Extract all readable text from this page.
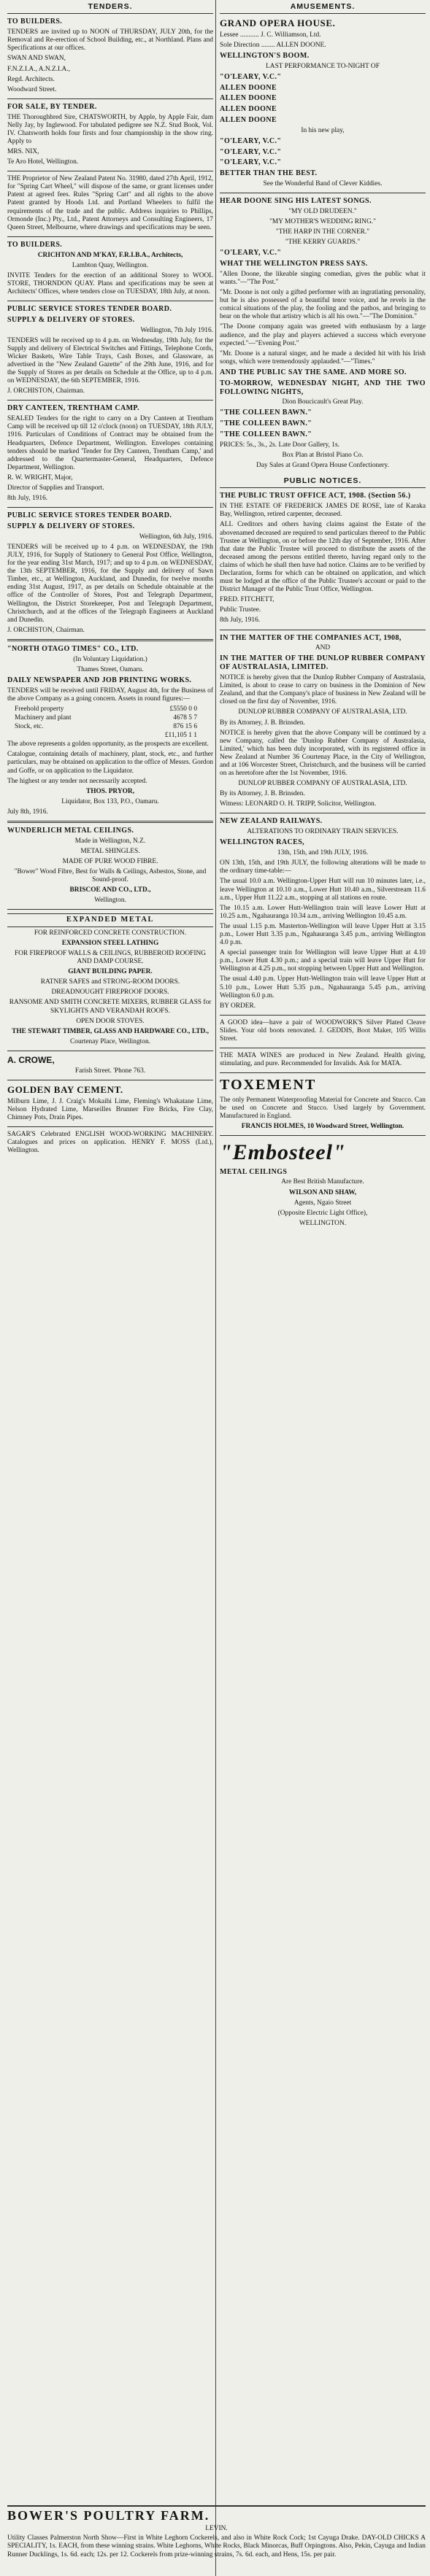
TENDERS.

TO BUILDERS.

TENDERS are invited up to NOON of THURSDAY, JULY 20th, for the Removal and Re-erection of School Building, etc., at Northland. Plans and Specifications at our offices.

SWAN AND SWAN,

F.N.Z.I.A., A.N.Z.I.A.,

Regd. Architects.

Woodward Street.

FOR SALE, BY TENDER.

THE Thoroughbred Sire, CHATSWORTH, by Apple, by Apple Fair, dam Nelly Jay, by Inglewood. For tabulated pedigree see N.Z. Stud Book, Vol. IV. Chatsworth holds four firsts and four championship in the show ring. Apply to

MRS. NIX,

Te Aro Hotel, Wellington.

THE Proprietor of New Zealand Patent No. 31980, dated 27th April, 1912, for "Spring Cart Wheel," will dispose of the same, or grant licenses under Patent at agreed fees. Rules "Spring Cart" and all rights to the above Patent granted by Hoods Ltd. and Portland Wheelers to fulfil the requirements of the trade and the public. Address inquiries to Phillips, Ormonde (Inc.) Pty., Ltd., Patent Attorneys and Consulting Engineers, 17 Queen Street, Melbourne, where drawings and specifications may be seen.

TO BUILDERS.

CRICHTON AND M'KAY, F.R.I.B.A., Architects,

Lambton Quay, Wellington.

INVITE Tenders for the erection of an additional Storey to WOOL STORE, THORNDON QUAY. Plans and specifications may be seen at Architects' Offices, where tenders close on TUESDAY, 18th July, at noon.

PUBLIC SERVICE STORES TENDER BOARD.

SUPPLY & DELIVERY OF STORES.

Wellington, 7th July 1916.

TENDERS will be received up to 4 p.m. on Wednesday, 19th July, for the Supply and delivery of Electrical Switches and Fittings, Telephone Cords, Wicker Baskets, Wire Table Trays, Cash Boxes, and Glassware, as advertised in the "New Zealand Gazette" of the 29th June, 1916, and for the Supply of Stores as per details on Schedule at the Office, up to 4 p.m. on WEDNESDAY, the 6th SEPTEMBER, 1916.

J. ORCHISTON, Chairman.

DRY CANTEEN, TRENTHAM CAMP.

SEALED Tenders for the right to carry on a Dry Canteen at Trentham Camp will be received up till 12 o'clock (noon) on TUESDAY, 18th JULY, 1916. Particulars of Conditions of Contract may be obtained from the Headquarters, Defence Department, Wellington. Envelopes containing tenders should be marked 'Tender for Dry Canteen, Trentham Camp,' and addressed to the Quartermaster-General, Headquarters, Defence Department, Wellington.

R. W. WRIGHT, Major,

Director of Supplies and Transport.

8th July, 1916.

PUBLIC SERVICE STORES TENDER BOARD.

SUPPLY & DELIVERY OF STORES.

Wellington, 6th July, 1916.

TENDERS will be received up to 4 p.m. on WEDNESDAY, the 19th JULY, 1916, for Supply of Stationery to General Post Office, Wellington, for the year ending 31st March, 1917; and up to 4 p.m. on WEDNESDAY, the 13th SEPTEMBER, 1916, for the Supply and delivery of Sawn Timber, etc., at Wellington, Auckland, and Dunedin, for twelve months ending 31st August, 1917, as per details on Schedule obtainable at the office of the Controller of Stores, Post and Telegraph Department, Wellington, the District Storekeeper, Post and Telegraph Department, Christchurch, and at the offices of the Telegraph Engineers at Auckland and Dunedin.

J. ORCHISTON, Chairman.

"NORTH OTAGO TIMES" CO., LTD.

(In Voluntary Liquidation.)

Thames Street, Oamaru.

DAILY NEWSPAPER AND JOB PRINTING WORKS.

TENDERS will be received until FRIDAY, August 4th, for the Business of the above Company as a going concern. Assets in round figures:—

Freehold property	£5550 0 0
Machinery and plant	4678 5 7
Stock, etc.	876 15 6
£11,105 1 1

The above represents a golden opportunity, as the prospects are excellent.

Catalogue, containing details of machinery, plant, stock, etc., and further particulars, may be obtained on application to the office of Messrs. Gordon and Goffe, or on application to the Liquidator.

The highest or any tender not necessarily accepted.

THOS. PRYOR,

Liquidator, Box 133, P.O., Oamaru.

July 8th, 1916.

WUNDERLICH METAL CEILINGS.

Made in Wellington, N.Z.

METAL SHINGLES.

MADE OF PURE WOOD FIBRE.

"Bower" Wood Fibre, Best for Walls & Ceilings, Asbestos, Stone, and Sound-proof.

BRISCOE AND CO., LTD.,

Wellington.

EXPANDED METAL

FOR REINFORCED CONCRETE CONSTRUCTION.

EXPANSION STEEL LATHING

FOR FIREPROOF WALLS & CEILINGS, RUBBEROID ROOFING AND DAMP COURSE.

GIANT BUILDING PAPER.

RATNER SAFES and STRONG-ROOM DOORS.

DREADNOUGHT FIREPROOF DOORS.

RANSOME AND SMITH CONCRETE MIXERS, RUBBER GLASS for SKYLIGHTS AND VERANDAH ROOFS.

OPEN DOOR STOVES.

THE STEWART TIMBER, GLASS AND HARDWARE CO., LTD.,

Courtenay Place, Wellington.

A. CROWE,

Farish Street. 'Phone 763.

GOLDEN BAY CEMENT.

Milburn Lime, J. J. Craig's Mokaihi Lime, Fleming's Whakatane Lime, Nelson Hydrated Lime, Marseilles Brunner Fire Bricks, Fire Clay, Chimney Pots, Drain Pipes.

SAGAR'S Celebrated ENGLISH WOOD-WORKING MACHINERY. Catalogues and prices on application. HENRY F. MOSS (Ltd.), Wellington.

AMUSEMENTS.

GRAND OPERA HOUSE.

Lessee ........... J. C. Williamson, Ltd.

Sole Direction ........ ALLEN DOONE.

WELLINGTON'S BOOM.

LAST PERFORMANCE TO-NIGHT OF

"O'LEARY, V.C."

ALLEN DOONE

ALLEN DOONE

ALLEN DOONE

ALLEN DOONE

In his new play,

"O'LEARY, V.C."

"O'LEARY, V.C."

"O'LEARY, V.C."

BETTER THAN THE BEST.

See the Wonderful Band of Clever Kiddies.

HEAR DOONE SING HIS LATEST SONGS.

"MY OLD DRUDEEN."

"MY MOTHER'S WEDDING RING."

"THE HARP IN THE CORNER."

"THE KERRY GUARDS."

"O'LEARY, V.C."

WHAT THE WELLINGTON PRESS SAYS.

"Allen Doone, the likeable singing comedian, gives the public what it wants."—"The Post."

"Mr. Doone is not only a gifted performer with an ingratiating personality, but he is also possessed of a beautiful tenor voice, and he revels in the comical situations of the play, the fooling and the pathos, and bringing to bear on the whole that artistry which is all his own."—"The Dominion."

"The Doone company again was greeted with enthusiasm by a large audience, and the play and players achieved a success which everyone expected."—"Evening Post."

"Mr. Doone is a natural singer, and he made a decided hit with his Irish songs, which were tremendously applauded."—"Times."

AND THE PUBLIC SAY THE SAME. AND MORE SO.

TO-MORROW, WEDNESDAY NIGHT, AND THE TWO FOLLOWING NIGHTS,

Dion Boucicault's Great Play.

"THE COLLEEN BAWN."

"THE COLLEEN BAWN."

"THE COLLEEN BAWN."

PRICES: 5s., 3s., 2s. Late Door Gallery, 1s.

Box Plan at Bristol Piano Co.

Day Sales at Grand Opera House Confectionery.

PUBLIC NOTICES.

THE PUBLIC TRUST OFFICE ACT, 1908. (Section 56.)

IN THE ESTATE OF FREDERICK JAMES DE ROSE, late of Karaka Bay, Wellington, retired carpenter, deceased.

ALL Creditors and others having claims against the Estate of the abovenamed deceased are required to send particulars thereof to the Public Trustee at Wellington, on or before the 12th day of September, 1916. After that date the Public Trustee will proceed to distribute the assets of the deceased among the persons entitled thereto, having regard only to the claims of which he shall then have had notice. Claims are to be verified by Declaration, forms for which can be obtained on application, and which must be lodged at the office of the Public Trustee's account or paid to the District Manager of the Public Trust Office, Wellington.

FRED. FITCHETT,

Public Trustee.

8th July, 1916.

IN THE MATTER OF THE COMPANIES ACT, 1908,

AND

IN THE MATTER OF THE DUNLOP RUBBER COMPANY OF AUSTRALASIA, LIMITED.

NOTICE is hereby given that the Dunlop Rubber Company of Australasia, Limited, is about to cease to carry on business in the Dominion of New Zealand, and that the Company's place of business in New Zealand will be closed on the first day of November, 1916.

DUNLOP RUBBER COMPANY OF AUSTRALASIA, LTD.

By its Attorney, J. B. Brinsden.

NOTICE is hereby given that the above Company will be continued by a new Company, called the 'Dunlop Rubber Company of Australasia, Limited,' which has been duly incorporated, with its registered office in New Zealand at Number 36 Courtenay Place, in the City of Wellington, and at 106 Worcester Street, Christchurch, and the business will be carried on as heretofore after the 1st November, 1916.

DUNLOP RUBBER COMPANY OF AUSTRALASIA, LTD.

By its Attorney, J. B. Brinsden.

Witness: LEONARD O. H. TRIPP, Solicitor, Wellington.

NEW ZEALAND RAILWAYS.

ALTERATIONS TO ORDINARY TRAIN SERVICES.

WELLINGTON RACES,

13th, 15th, and 19th JULY, 1916.

ON 13th, 15th, and 19th JULY, the following alterations will be made to the ordinary time-table:—

The usual 10.0 a.m. Wellington-Upper Hutt will run 10 minutes later, i.e., leave Wellington at 10.10 a.m., Lower Hutt 10.40 a.m., Silverstream 11.6 a.m., Upper Hutt 11.22 a.m., stopping at all stations en route.

The 10.15 a.m. Lower Hutt-Wellington train will leave Lower Hutt at 10.25 a.m., Ngahauranga 10.34 a.m., arriving Wellington 10.45 a.m.

The usual 1.15 p.m. Masterton-Wellington will leave Upper Hutt at 3.15 p.m., Lower Hutt 3.35 p.m., Ngahauranga 3.45 p.m., arriving Wellington 4.0 p.m.

A special passenger train for Wellington will leave Upper Hutt at 4.10 p.m., Lower Hutt 4.30 p.m.; and a special train will leave Upper Hutt for Wellington at 4.25 p.m., not stopping between Upper Hutt and Wellington.

The usual 4.40 p.m. Upper Hutt-Wellington train will leave Upper Hutt at 5.10 p.m., Lower Hutt 5.35 p.m., Ngahauranga 5.45 p.m., arriving Wellington 6.0 p.m.

BY ORDER.

A GOOD idea—have a pair of WOODWORK'S Silver Plated Cleave Slides. Your old boots renovated. J. GEDDIS, Boot Maker, 105 Willis Street.

THE MATA WINES are produced in New Zealand. Health giving, stimulating, and pure. Recommended for Invalids. Ask for MATA.

TOXEMENT

The only Permanent Waterproofing Material for Concrete and Stucco. Can be used on Concrete and Stucco. Used largely by Government. Manufactured in England.

FRANCIS HOLMES, 10 Woodward Street, Wellington.

"Embosteel"

METAL CEILINGS

Are Best British Manufacture.

WILSON AND SHAW,

Agents, Ngaio Street

(Opposite Electric Light Office),

WELLINGTON.

BOWER'S POULTRY FARM.

LEVIN.

Utility Classes Palmerston North Show—First in White Leghorn Cockerels, and also in White Rock Cock; 1st Cayuga Drake. DAY-OLD CHICKS A SPECIALITY, 1s. EACH, from these winning strains. White Leghorns, White Rocks, Black Minorcas, Buff Orpingtons. Also, Pekin, Cayuga and Indian Runner Ducklings, 1s. 6d. each; 12s. per 12. Cockerels from prize-winning strains, 7s. 6d. each, and Hens, 15s. per pair.
